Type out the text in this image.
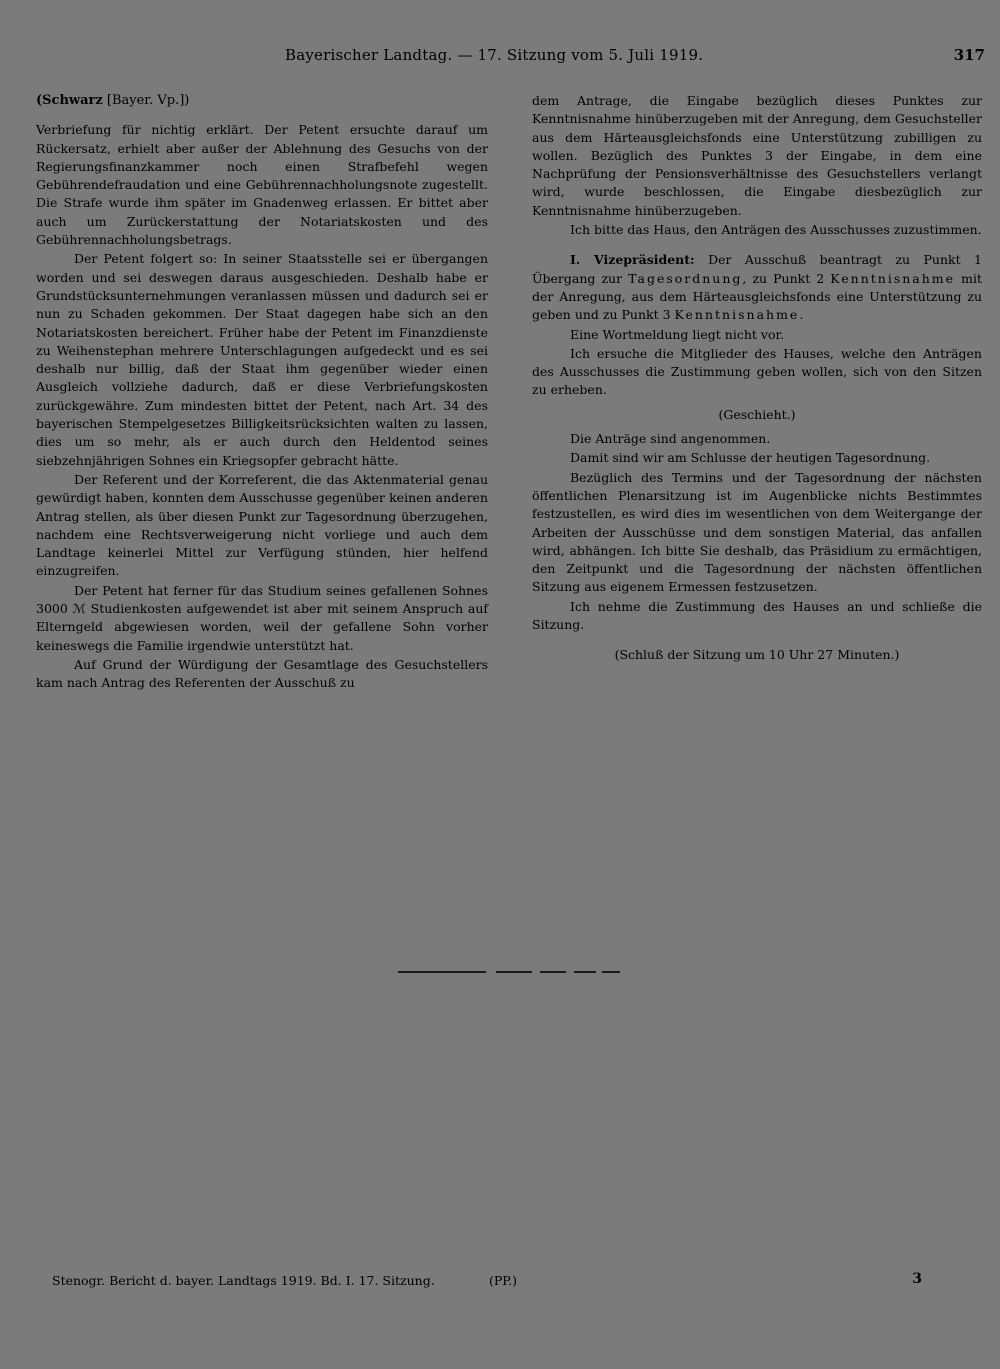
Bayerischer Landtag. — 17. Sitzung vom 5. Juli 1919.	317
(Schwarz [Bayer. Vp.])

Verbriefung für nichtig erklärt. Der Petent ersuchte darauf um Rückersatz, erhielt aber außer der Ablehnung des Gesuchs von der Regierungsfinanzkammer noch einen Strafbefehl wegen Gebührendefraudation und eine Gebührennachholungsnote zugestellt. Die Strafe wurde ihm später im Gnadenweg erlassen. Er bittet aber auch um Zurückerstattung der Notariatskosten und des Gebührennachholungsbetrags.

Der Petent folgert so: In seiner Staatsstelle sei er übergangen worden und sei deswegen daraus ausgeschieden. Deshalb habe er Grundstücksunternehmungen veranlassen müssen und dadurch sei er nun zu Schaden gekommen. Der Staat dagegen habe sich an den Notariatskosten bereichert. Früher habe der Petent im Finanzdienste zu Weihenstephan mehrere Unterschlagungen aufgedeckt und es sei deshalb nur billig, daß der Staat ihm gegenüber wieder einen Ausgleich vollziehe dadurch, daß er diese Verbriefungskosten zurückgewähre. Zum mindesten bittet der Petent, nach Art. 34 des bayerischen Stempelgesetzes Billigkeitsrücksichten walten zu lassen, dies um so mehr, als er auch durch den Heldentod seines siebzehnjährigen Sohnes ein Kriegsopfer gebracht hätte.

Der Referent und der Korreferent, die das Aktenmaterial genau gewürdigt haben, konnten dem Ausschusse gegenüber keinen anderen Antrag stellen, als über diesen Punkt zur Tagesordnung überzugehen, nachdem eine Rechtsverweigerung nicht vorliege und auch dem Landtage keinerlei Mittel zur Verfügung stünden, hier helfend einzugreifen.

Der Petent hat ferner für das Studium seines gefallenen Sohnes 3000 ℳ Studienkosten aufgewendet ist aber mit seinem Anspruch auf Elterngeld abgewiesen worden, weil der gefallene Sohn vorher keineswegs die Familie irgendwie unterstützt hat.

Auf Grund der Würdigung der Gesamtlage des Gesuchstellers kam nach Antrag des Referenten der Ausschuß zu

dem Antrage, die Eingabe bezüglich dieses Punktes zur Kenntnisnahme hinüberzugeben mit der Anregung, dem Gesuchsteller aus dem Härteausgleichsfonds eine Unterstützung zubilligen zu wollen. Bezüglich des Punktes 3 der Eingabe, in dem eine Nachprüfung der Pensionsverhältnisse des Gesuchstellers verlangt wird, wurde beschlossen, die Eingabe diesbezüglich zur Kenntnisnahme hinüberzugeben.

Ich bitte das Haus, den Anträgen des Ausschusses zuzustimmen.

I. Vizepräsident: Der Ausschuß beantragt zu Punkt 1 Übergang zur Tagesordnung, zu Punkt 2 Kenntnisnahme mit der Anregung, aus dem Härteausgleichsfonds eine Unterstützung zu geben und zu Punkt 3 Kenntnisnahme.

Eine Wortmeldung liegt nicht vor.

Ich ersuche die Mitglieder des Hauses, welche den Anträgen des Ausschusses die Zustimmung geben wollen, sich von den Sitzen zu erheben.

(Geschieht.)

Die Anträge sind angenommen.

Damit sind wir am Schlusse der heutigen Tagesordnung.

Bezüglich des Termins und der Tagesordnung der nächsten öffentlichen Plenarsitzung ist im Augenblicke nichts Bestimmtes festzustellen, es wird dies im wesentlichen von dem Weitergange der Arbeiten der Ausschüsse und dem sonstigen Material, das anfallen wird, abhängen. Ich bitte Sie deshalb, das Präsidium zu ermächtigen, den Zeitpunkt und die Tagesordnung der nächsten öffentlichen Sitzung aus eigenem Ermessen festzusetzen.

Ich nehme die Zustimmung des Hauses an und schließe die Sitzung.

(Schluß der Sitzung um 10 Uhr 27 Minuten.)

Stenogr. Bericht d. bayer. Landtags 1919. Bd. I. 17. Sitzung.	(PP.)	3
